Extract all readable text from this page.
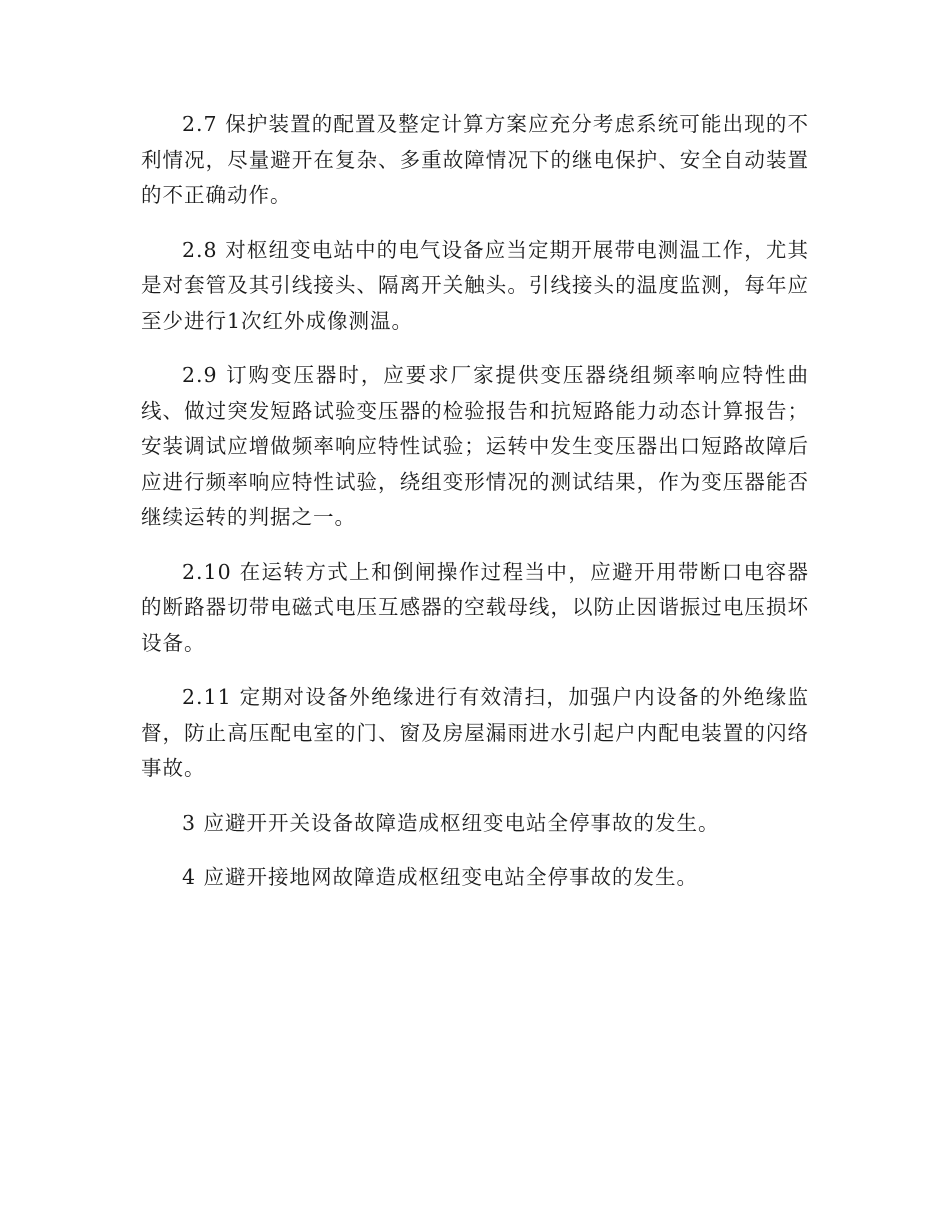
2.7 保护装置的配置及整定计算方案应充分考虑系统可能出现的不利情况，尽量避开在复杂、多重故障情况下的继电保护、安全自动装置的不正确动作。

2.8 对枢纽变电站中的电气设备应当定期开展带电测温工作，尤其是对套管及其引线接头、隔离开关触头。引线接头的温度监测，每年应至少进行1次红外成像测温。

2.9 订购变压器时，应要求厂家提供变压器绕组频率响应特性曲线、做过突发短路试验变压器的检验报告和抗短路能力动态计算报告；安装调试应增做频率响应特性试验；运转中发生变压器出口短路故障后应进行频率响应特性试验，绕组变形情况的测试结果，作为变压器能否继续运转的判据之一。

2.10 在运转方式上和倒闸操作过程当中，应避开用带断口电容器的断路器切带电磁式电压互感器的空载母线，以防止因谐振过电压损坏设备。

2.11 定期对设备外绝缘进行有效清扫，加强户内设备的外绝缘监督，防止高压配电室的门、窗及房屋漏雨进水引起户内配电装置的闪络事故。

3 应避开开关设备故障造成枢纽变电站全停事故的发生。

4 应避开接地网故障造成枢纽变电站全停事故的发生。
